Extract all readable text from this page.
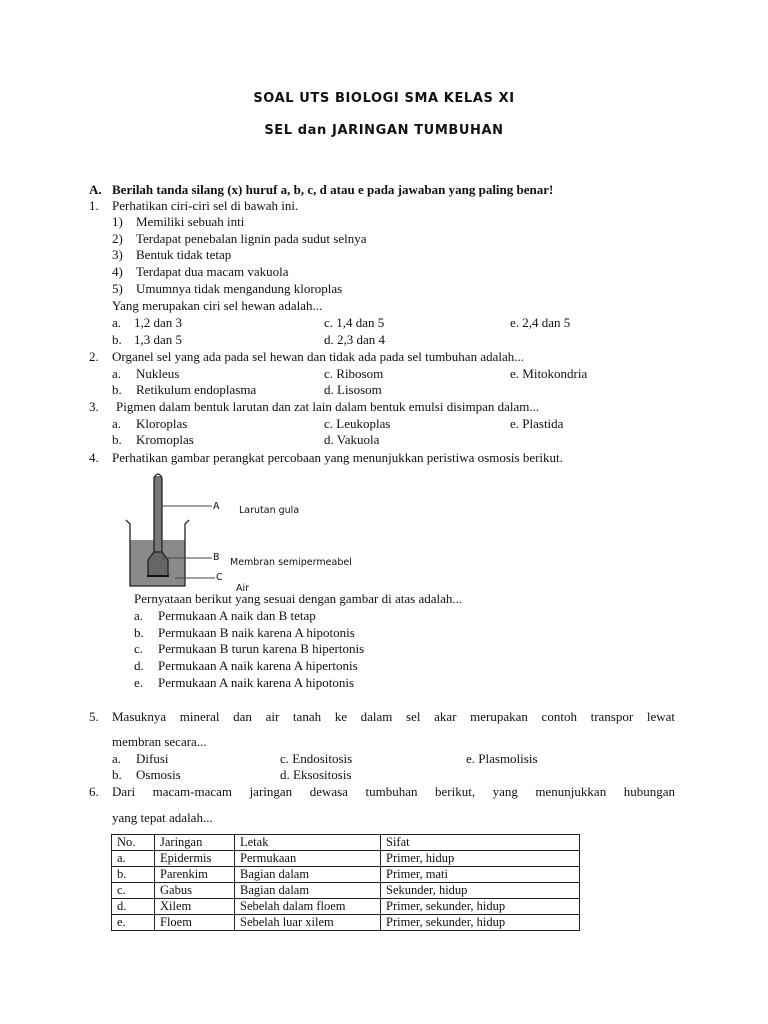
SOAL UTS BIOLOGI SMA KELAS XI
SEL dan JARINGAN TUMBUHAN
A. Berilah tanda silang (x) huruf a, b, c, d atau e pada jawaban yang paling benar!
1. Perhatikan ciri-ciri sel di bawah ini.
1) Memiliki sebuah inti
2) Terdapat penebalan lignin pada sudut selnya
3) Bentuk tidak tetap
4) Terdapat dua macam vakuola
5) Umumnya tidak mengandung kloroplas
Yang merupakan ciri sel hewan adalah...
a. 1,2 dan 3	c. 1,4 dan 5	e. 2,4 dan 5
b. 1,3 dan 5	d. 2,3 dan 4
2. Organel sel yang ada pada sel hewan dan tidak ada pada sel tumbuhan adalah...
a. Nukleus	c. Ribosom	e. Mitokondria
b. Retikulum endoplasma	d. Lisosom
3. Pigmen dalam bentuk larutan dan zat lain dalam bentuk emulsi disimpan dalam...
a. Kloroplas	c. Leukoplas	e. Plastida
b. Kromoplas	d. Vakuola
4. Perhatikan gambar perangkat percobaan yang menunjukkan peristiwa osmosis berikut.
A
B
C
Larutan gula
Membran semipermeabel
Air
Pernyataan berikut yang sesuai dengan gambar di atas adalah...
a. Permukaan A naik dan B tetap
b. Permukaan B naik karena A hipotonis
c. Permukaan B turun karena B hipertonis
d. Permukaan A naik karena A hipertonis
e. Permukaan A naik karena A hipotonis
5. Masuknya mineral dan air tanah ke dalam sel akar merupakan contoh transpor lewat
membran secara...
a. Difusi	c. Endositosis	e. Plasmolisis
b. Osmosis	d. Eksositosis
6. Dari macam-macam jaringan dewasa tumbuhan berikut, yang menunjukkan hubungan
yang tepat adalah...
No.	Jaringan	Letak	Sifat
a.	Epidermis	Permukaan	Primer, hidup
b.	Parenkim	Bagian dalam	Primer, mati
c.	Gabus	Bagian dalam	Sekunder, hidup
d.	Xilem	Sebelah dalam floem	Primer, sekunder, hidup
e.	Floem	Sebelah luar xilem	Primer, sekunder, hidup
